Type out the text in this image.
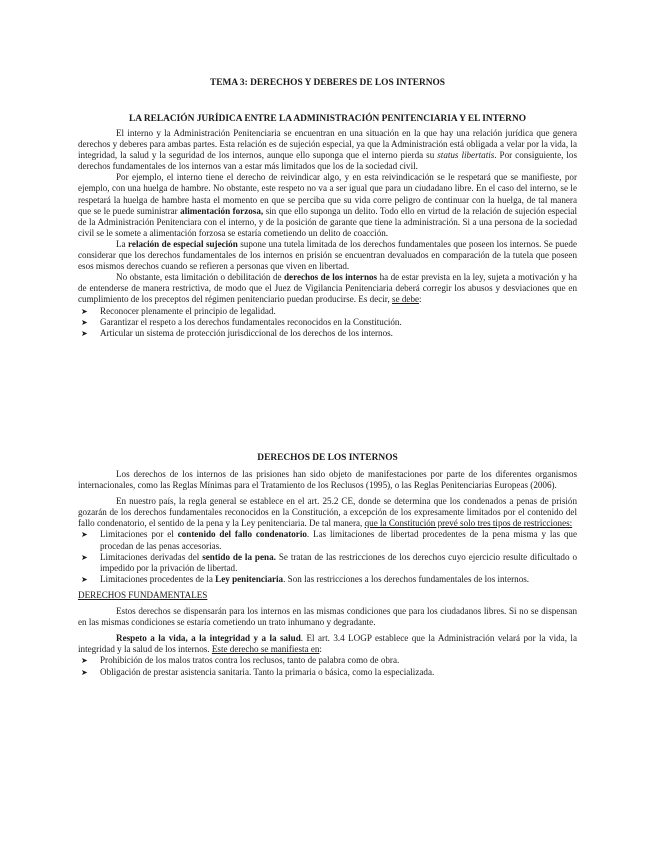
TEMA 3: DERECHOS Y DEBERES DE LOS INTERNOS
LA RELACIÓN JURÍDICA ENTRE LA ADMINISTRACIÓN PENITENCIARIA Y EL INTERNO

El interno y la Administración Penitenciaria se encuentran en una situación en la que hay una relación jurídica que genera derechos y deberes para ambas partes. Esta relación es de sujeción especial, ya que la Administración está obligada a velar por la vida, la integridad, la salud y la seguridad de los internos, aunque ello suponga que el interno pierda su status libertatis. Por consiguiente, los derechos fundamentales de los internos van a estar más limitados que los de la sociedad civil.

Por ejemplo, el interno tiene el derecho de reivindicar algo, y en esta reivindicación se le respetará que se manifieste, por ejemplo, con una huelga de hambre. No obstante, este respeto no va a ser igual que para un ciudadano libre. En el caso del interno, se le respetará la huelga de hambre hasta el momento en que se perciba que su vida corre peligro de continuar con la huelga, de tal manera que se le puede suministrar alimentación forzosa, sin que ello suponga un delito. Todo ello en virtud de la relación de sujeción especial de la Administración Penitenciara con el interno, y de la posición de garante que tiene la administración. Si a una persona de la sociedad civil se le somete a alimentación forzosa se estaría cometiendo un delito de coacción.

La relación de especial sujeción supone una tutela limitada de los derechos fundamentales que poseen los internos. Se puede considerar que los derechos fundamentales de los internos en prisión se encuentran devaluados en comparación de la tutela que poseen esos mismos derechos cuando se refieren a personas que viven en libertad.

No obstante, esta limitación o debilitación de derechos de los internos ha de estar prevista en la ley, sujeta a motivación y ha de entenderse de manera restrictiva, de modo que el Juez de Vigilancia Penitenciaria deberá corregir los abusos y desviaciones que en cumplimiento de los preceptos del régimen penitenciario puedan producirse. Es decir, se debe:

➤ Reconocer plenamente el principio de legalidad.
➤ Garantizar el respeto a los derechos fundamentales reconocidos en la Constitución.
➤ Articular un sistema de protección jurisdiccional de los derechos de los internos.
DERECHOS DE LOS INTERNOS

Los derechos de los internos de las prisiones han sido objeto de manifestaciones por parte de los diferentes organismos internacionales, como las Reglas Mínimas para el Tratamiento de los Reclusos (1995), o las Reglas Penitenciarias Europeas (2006).

En nuestro país, la regla general se establece en el art. 25.2 CE, donde se determina que los condenados a penas de prisión gozarán de los derechos fundamentales reconocidos en la Constitución, a excepción de los expresamente limitados por el contenido del fallo condenatorio, el sentido de la pena y la Ley penitenciaria. De tal manera, que la Constitución prevé solo tres tipos de restricciones:

➤ Limitaciones por el contenido del fallo condenatorio. Las limitaciones de libertad procedentes de la pena misma y las que procedan de las penas accesorias.
➤ Limitaciones derivadas del sentido de la pena. Se tratan de las restricciones de los derechos cuyo ejercicio resulte dificultado o impedido por la privación de libertad.
➤ Limitaciones procedentes de la Ley penitenciaria. Son las restricciones a los derechos fundamentales de los internos.

DERECHOS FUNDAMENTALES

Estos derechos se dispensarán para los internos en las mismas condiciones que para los ciudadanos libres. Si no se dispensan en las mismas condiciones se estaría cometiendo un trato inhumano y degradante.

Respeto a la vida, a la integridad y a la salud. El art. 3.4 LOGP establece que la Administración velará por la vida, la integridad y la salud de los internos. Este derecho se manifiesta en:

➤ Prohibición de los malos tratos contra los reclusos, tanto de palabra como de obra.
➤ Obligación de prestar asistencia sanitaria. Tanto la primaria o básica, como la especializada.
